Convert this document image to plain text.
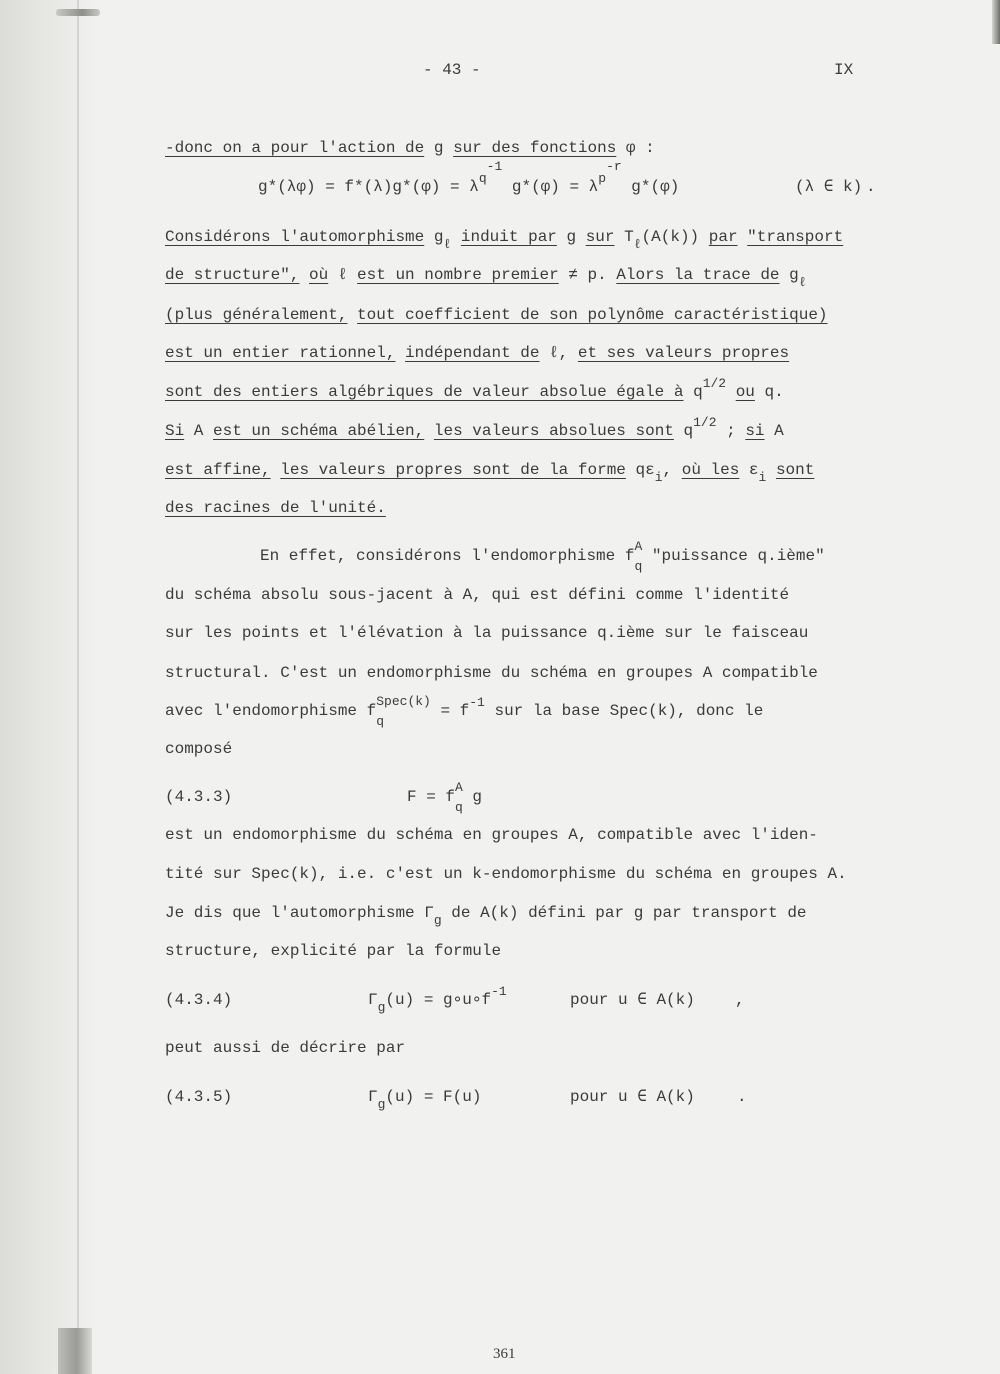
- 43 -	IX
-donc on a pour l'action de g sur des fonctions φ :
g*(λφ) = f*(λ)g*(φ) = λ q
-1
g*(φ) = λ p
-r
g*(φ)	(λ ∈ k) .
Considérons l'automorphisme g ℓ
induit par g sur T ℓ (A(k)) par
"transport
de structure",
où ℓ est un nombre premier ≠ p. Alors la trace de g ℓ
(plus généralement,
tout coefficient de son polynôme caractéristique)
est un entier rationnel,
indépendant de ℓ, et ses valeurs propres
sont des entiers algébriques de valeur absolue égale à q 1/2
ou q.
Si A est un schéma abélien,
les valeurs absolues sont q 1/2 ; si A
est affine,
les valeurs propres sont de la forme qε i , où les ε i
sont
des racines de l'unité.
En effet, considérons l'endomorphisme f
A
q
"puissance q.ième"
du schéma absolu sous-jacent à A, qui est défini comme l'identité
sur les points et l'élévation à la puissance q.ième sur le faisceau
structural. C'est un endomorphisme du schéma en groupes A compatible
avec l'endomorphisme f
Spec(k)
q
= f -1 sur la base Spec(k), donc le
composé
(4.3.3)	F = f
A
q
g
est un endomorphisme du schéma en groupes A, compatible avec l'iden-
tité sur Spec(k), i.e. c'est un k-endomorphisme du schéma en groupes A.
Je dis que l'automorphisme Γ g de A(k) défini par g par transport de
structure, explicité par la formule
(4.3.4)	Γ g (u) = g∘u∘f -1	pour u ∈ A(k)	,
peut aussi de décrire par
(4.3.5)	Γ g (u) = F(u)	pour u ∈ A(k)	.
361
